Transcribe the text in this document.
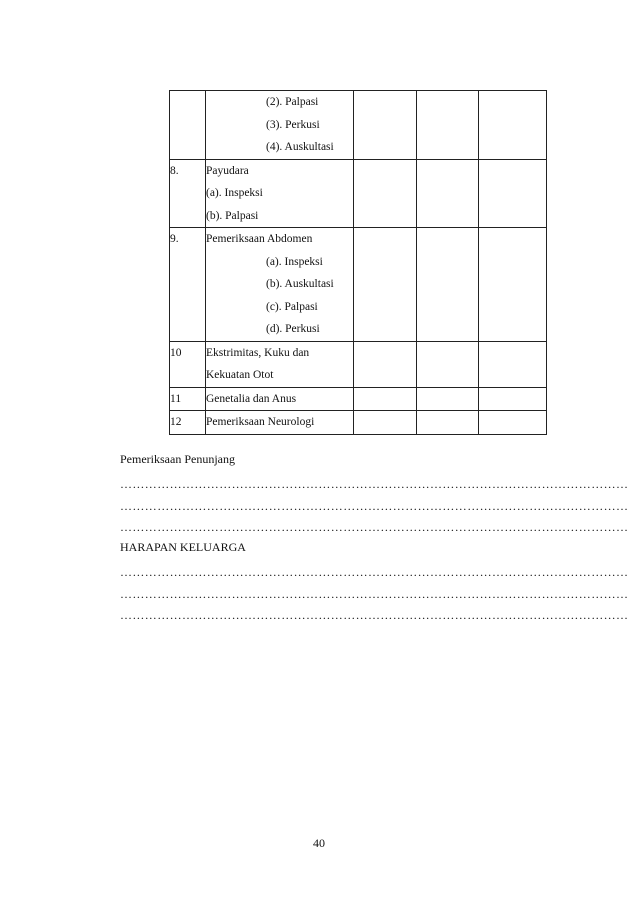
	(2). Palpasi
(3). Perkusi
(4). Auskultasi			

8.	Payudara
(a). Inspeksi
(b). Palpasi			

9.	Pemeriksaan Abdomen
(a). Inspeksi
(b). Auskultasi
(c). Palpasi
(d). Perkusi			

10	Ekstrimitas, Kuku dan
Kekuatan Otot			

11	Genetalia dan Anus			

12	Pemeriksaan Neurologi			

Pemeriksaan Penunjang
……………………………………………………………………………………………………………
……………………………………………………………………………………………………………
……………………………………………………………………………………………………………
HARAPAN KELUARGA
……………………………………………………………………………………………………………
……………………………………………………………………………………………………………
……………………………………………………………………………………………………………
40
